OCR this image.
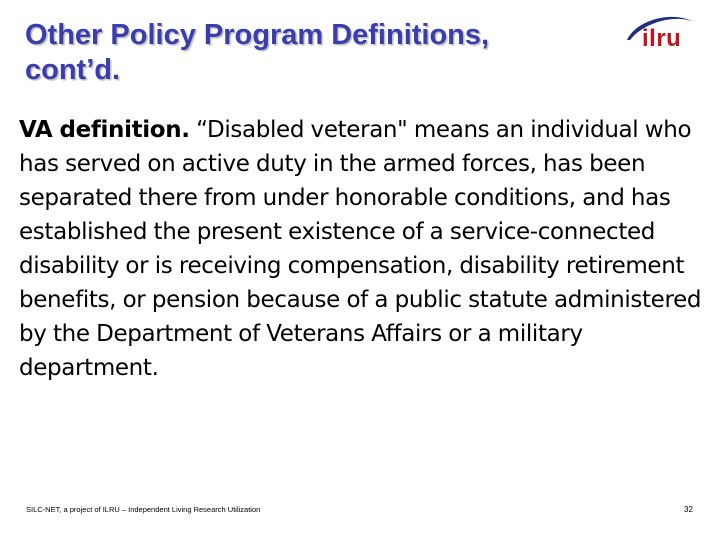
Other Policy Program Definitions, cont’d.
ilru

VA definition. “Disabled veteran" means an individual who has served on active duty in the armed forces, has been separated there from under honorable conditions, and has established the present existence of a service-connected disability or is receiving compensation, disability retirement benefits, or pension because of a public statute administered by the Department of Veterans Affairs or a military department.

SILC-NET, a project of ILRU – Independent Living Research Utilization	32
